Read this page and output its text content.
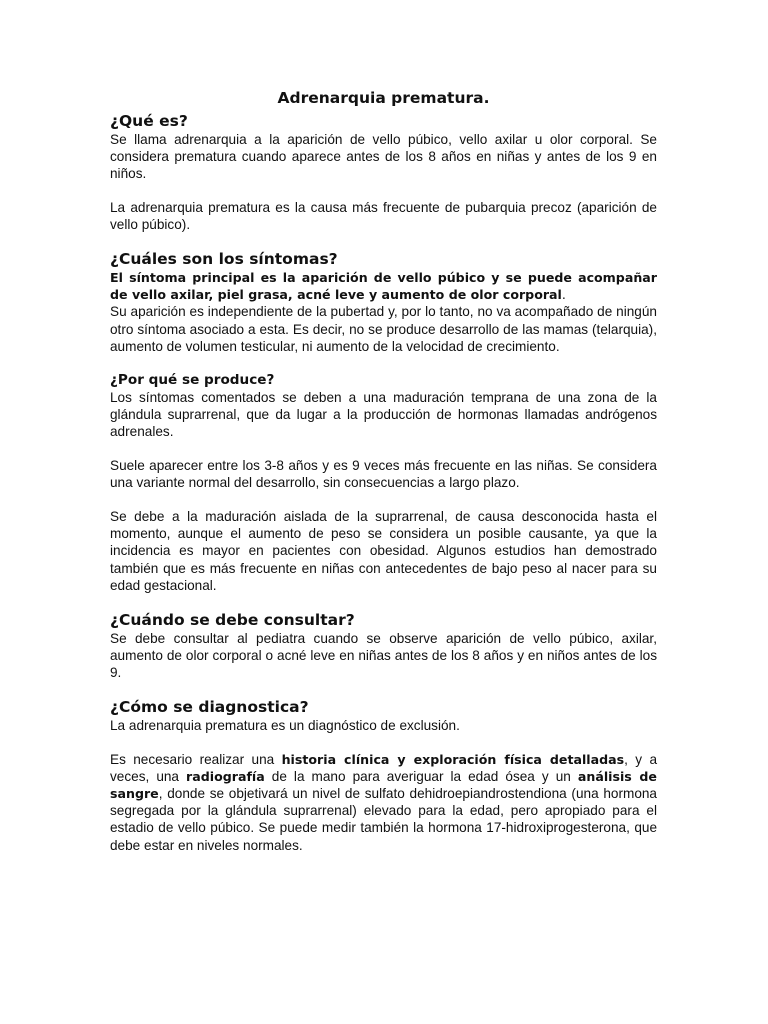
Adrenarquia prematura.
¿Qué es?

Se llama adrenarquia a la aparición de vello púbico, vello axilar u olor corporal. Se considera prematura cuando aparece antes de los 8 años en niñas y antes de los 9 en niños.

La adrenarquia prematura es la causa más frecuente de pubarquia precoz (aparición de vello púbico).

¿Cuáles son los síntomas?

El síntoma principal es la aparición de vello púbico y se puede acompañar de vello axilar, piel grasa, acné leve y aumento de olor corporal.

Su aparición es independiente de la pubertad y, por lo tanto, no va acompañado de ningún otro síntoma asociado a esta. Es decir, no se produce desarrollo de las mamas (telarquia), aumento de volumen testicular, ni aumento de la velocidad de crecimiento.

¿Por qué se produce?

Los síntomas comentados se deben a una maduración temprana de una zona de la glándula suprarrenal, que da lugar a la producción de hormonas llamadas andrógenos adrenales.

Suele aparecer entre los 3-8 años y es 9 veces más frecuente en las niñas. Se considera una variante normal del desarrollo, sin consecuencias a largo plazo.

Se debe a la maduración aislada de la suprarrenal, de causa desconocida hasta el momento, aunque el aumento de peso se considera un posible causante, ya que la incidencia es mayor en pacientes con obesidad. Algunos estudios han demostrado también que es más frecuente en niñas con antecedentes de bajo peso al nacer para su edad gestacional.

¿Cuándo se debe consultar?

Se debe consultar al pediatra cuando se observe aparición de vello púbico, axilar, aumento de olor corporal o acné leve en niñas antes de los 8 años y en niños antes de los 9.

¿Cómo se diagnostica?

La adrenarquia prematura es un diagnóstico de exclusión.

Es necesario realizar una historia clínica y exploración física detalladas, y a veces, una radiografía de la mano para averiguar la edad ósea y un análisis de sangre, donde se objetivará un nivel de sulfato dehidroepiandrostendiona (una hormona segregada por la glándula suprarrenal) elevado para la edad, pero apropiado para el estadio de vello púbico. Se puede medir también la hormona 17-hidroxiprogesterona, que debe estar en niveles normales.
